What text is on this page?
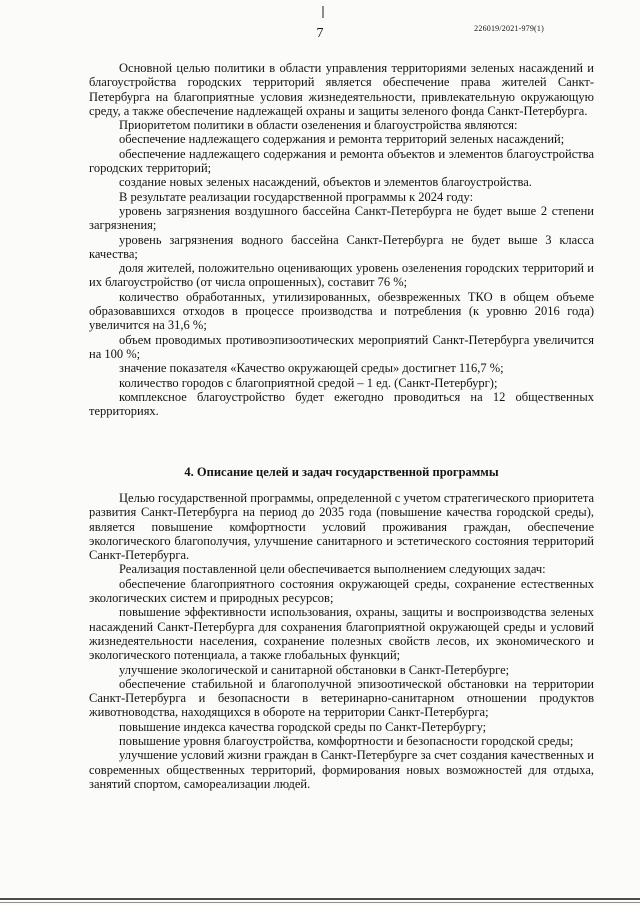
7	226019/2021-979(1)

Основной целью политики в области управления территориями зеленых насаждений и благоустройства городских территорий является обеспечение права жителей Санкт-Петербурга на благоприятные условия жизнедеятельности, привлекательную окружающую среду, а также обеспечение надлежащей охраны и защиты зеленого фонда Санкт-Петербурга.

Приоритетом политики в области озеленения и благоустройства являются:

обеспечение надлежащего содержания и ремонта территорий зеленых насаждений;

обеспечение надлежащего содержания и ремонта объектов и элементов благоустройства городских территорий;

создание новых зеленых насаждений, объектов и элементов благоустройства.

В результате реализации государственной программы к 2024 году:

уровень загрязнения воздушного бассейна Санкт-Петербурга не будет выше 2 степени загрязнения;

уровень загрязнения водного бассейна Санкт-Петербурга не будет выше 3 класса качества;

доля жителей, положительно оценивающих уровень озеленения городских территорий и их благоустройство (от числа опрошенных), составит 76 %;

количество обработанных, утилизированных, обезвреженных ТКО в общем объеме образовавшихся отходов в процессе производства и потребления (к уровню 2016 года) увеличится на 31,6 %;

объем проводимых противоэпизоотических мероприятий Санкт-Петербурга увеличится на 100 %;

значение показателя «Качество окружающей среды» достигнет 116,7 %;

количество городов с благоприятной средой – 1 ед. (Санкт-Петербург);

комплексное благоустройство будет ежегодно проводиться на 12 общественных территориях.

4. Описание целей и задач государственной программы

Целью государственной программы, определенной с учетом стратегического приоритета развития Санкт-Петербурга на период до 2035 года (повышение качества городской среды), является повышение комфортности условий проживания граждан, обеспечение экологического благополучия, улучшение санитарного и эстетического состояния территорий Санкт-Петербурга.

Реализация поставленной цели обеспечивается выполнением следующих задач:

обеспечение благоприятного состояния окружающей среды, сохранение естественных экологических систем и природных ресурсов;

повышение эффективности использования, охраны, защиты и воспроизводства зеленых насаждений Санкт-Петербурга для сохранения благоприятной окружающей среды и условий жизнедеятельности населения, сохранение полезных свойств лесов, их экономического и экологического потенциала, а также глобальных функций;

улучшение экологической и санитарной обстановки в Санкт-Петербурге;

обеспечение стабильной и благополучной эпизоотической обстановки на территории Санкт-Петербурга и безопасности в ветеринарно-санитарном отношении продуктов животноводства, находящихся в обороте на территории Санкт-Петербурга;

повышение индекса качества городской среды по Санкт-Петербургу;

повышение уровня благоустройства, комфортности и безопасности городской среды;

улучшение условий жизни граждан в Санкт-Петербурге за счет создания качественных и современных общественных территорий, формирования новых возможностей для отдыха, занятий спортом, самореализации людей.
